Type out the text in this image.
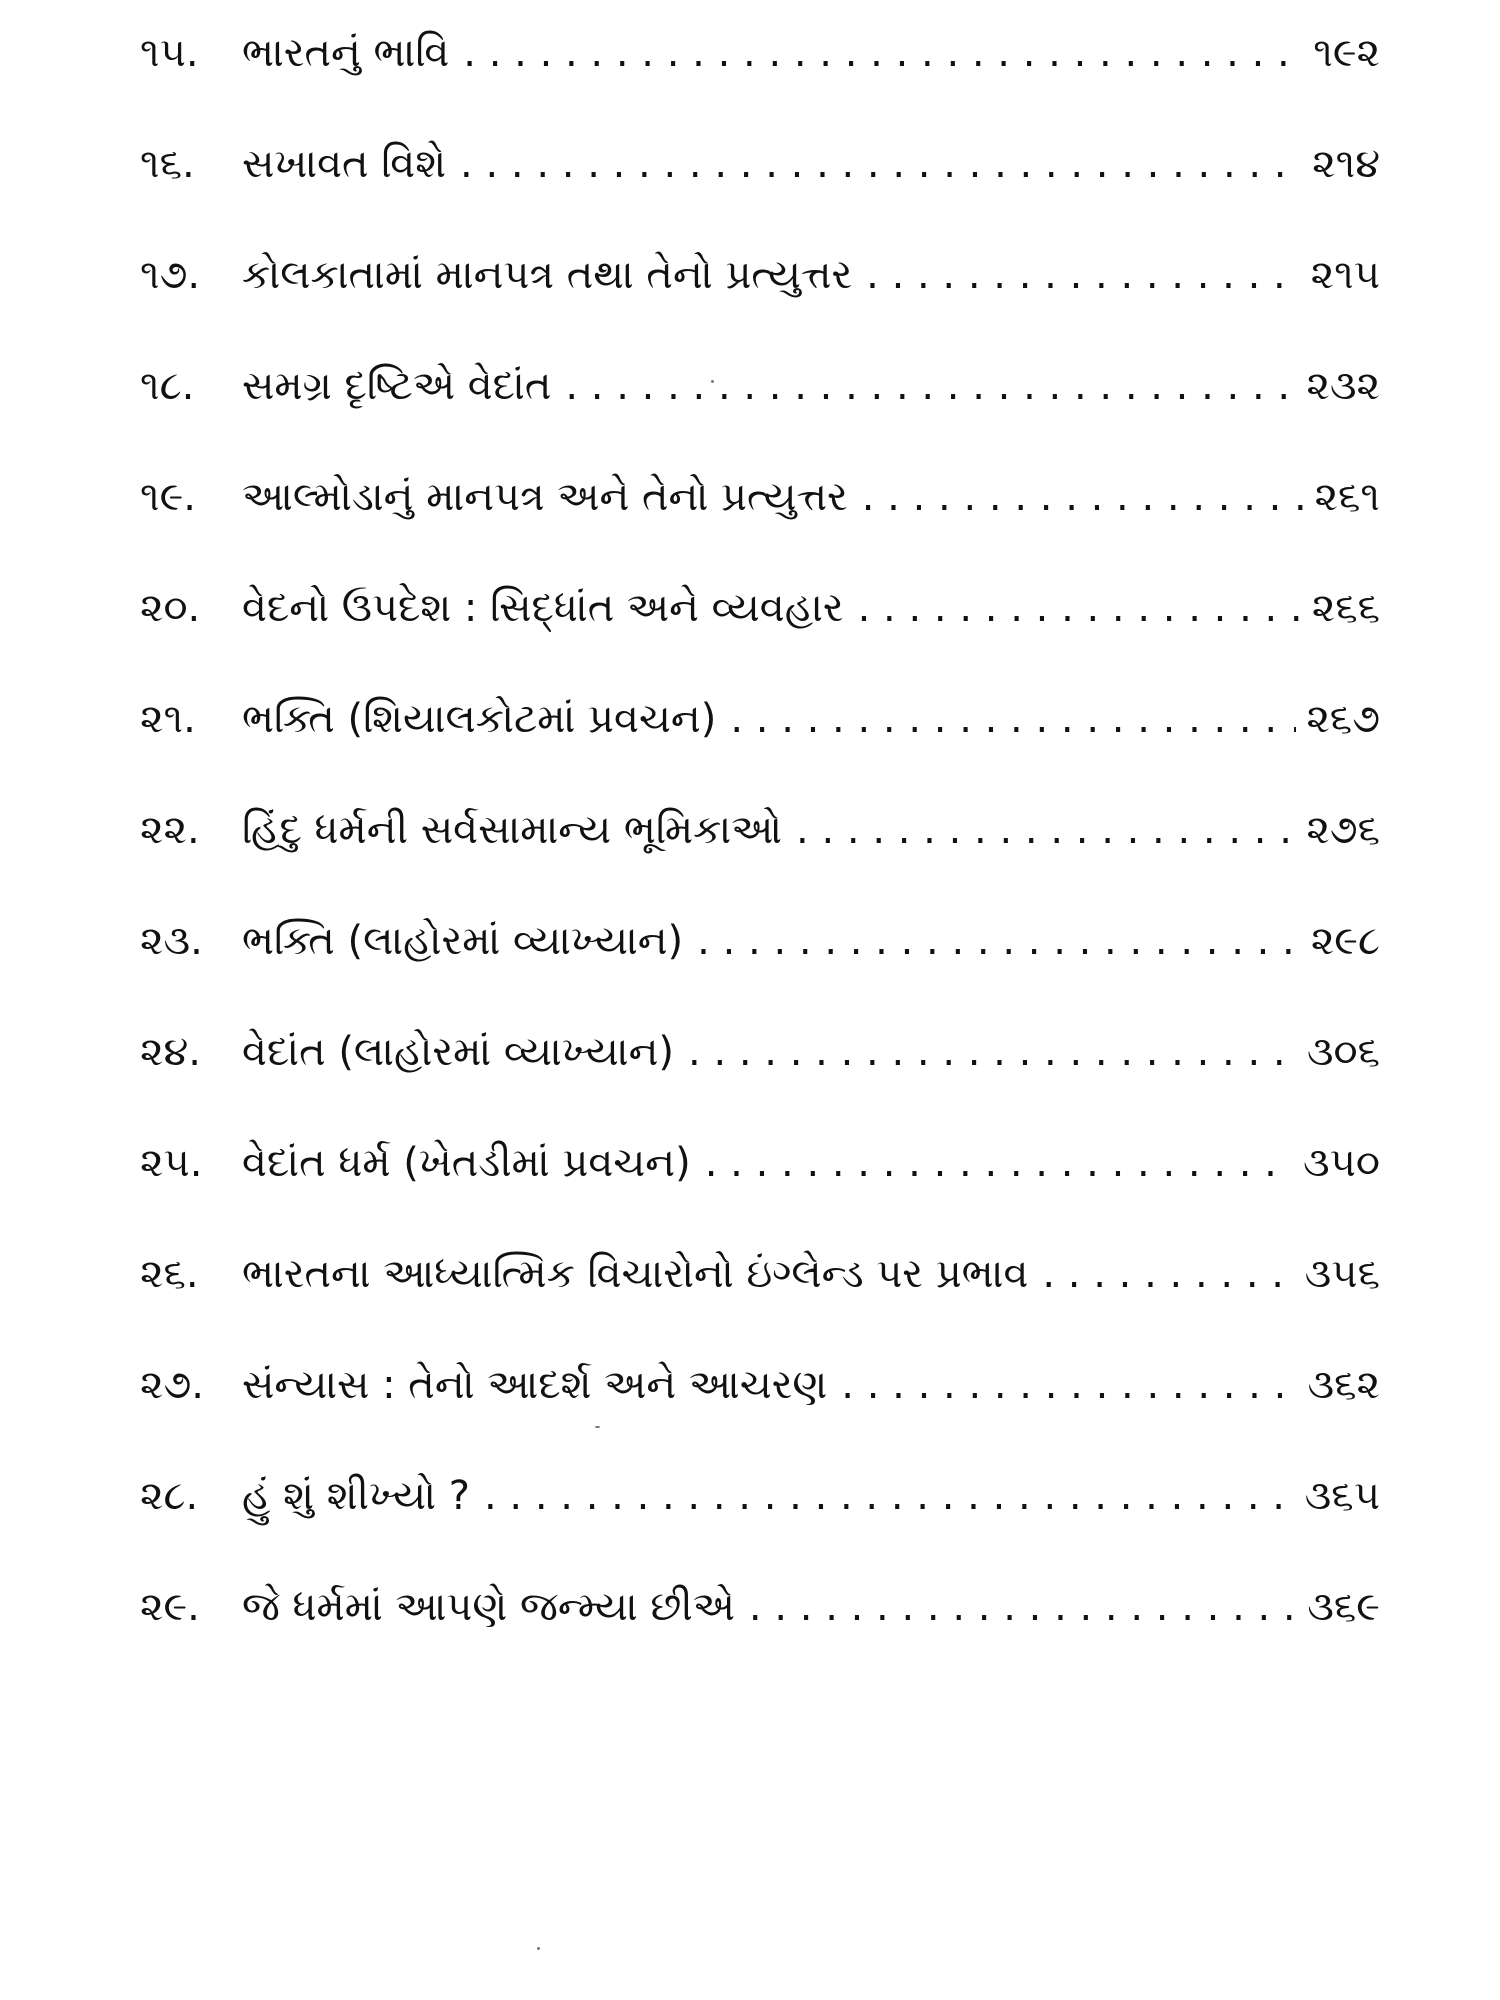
૧૫.	ભારતનું ભાવિ . . .	૧૯૨
૧૬.	સખાવત વિશે . . .	૨૧૪
૧૭.	કોલકાતામાં માનપત્ર તથા તેનો પ્રત્યુત્તર . . .	૨૧૫
૧૮.	સમગ્ર દૃષ્ટિએ વેદાંત . . .	૨૩૨
૧૯.	આલ્મોડાનું માનપત્ર અને તેનો પ્રત્યુત્તર . . .	૨૬૧
૨૦.	વેદનો ઉપદેશ : સિદ્ધાંત અને વ્યવહાર . . .	૨૬૬
૨૧.	ભક્તિ (શિયાલકોટમાં પ્રવચન) . . .	૨૬૭
૨૨.	હિંદુ ધર્મની સર્વસામાન્ય ભૂમિકાઓ . . .	૨૭૬
૨૩. ભક્તિ (લાહોરમાં વ્યાખ્યાન) . . .	૨૯૮
૨૪.	વેદાંત (લાહોરમાં વ્યાખ્યાન) . . .	૩૦૬
૨૫. વેદાંત ધર્મ (ખેતડીમાં પ્રવચન) . . .	૩૫૦
૨૬.	ભારતના આધ્યાત્મિક વિચારોનો ઇંગ્લેન્ડ પર પ્રભાવ . . .	૩૫૬
૨૭. સંન્યાસ : તેનો આદર્શ અને આચરણ . . .	૩૬૨
૨૮.	હું શું શીખ્યો ? . . .	૩૬૫
૨૯.	જે ધર્મમાં આપણે જન્મ્યા છીએ . . .	૩૬૯
